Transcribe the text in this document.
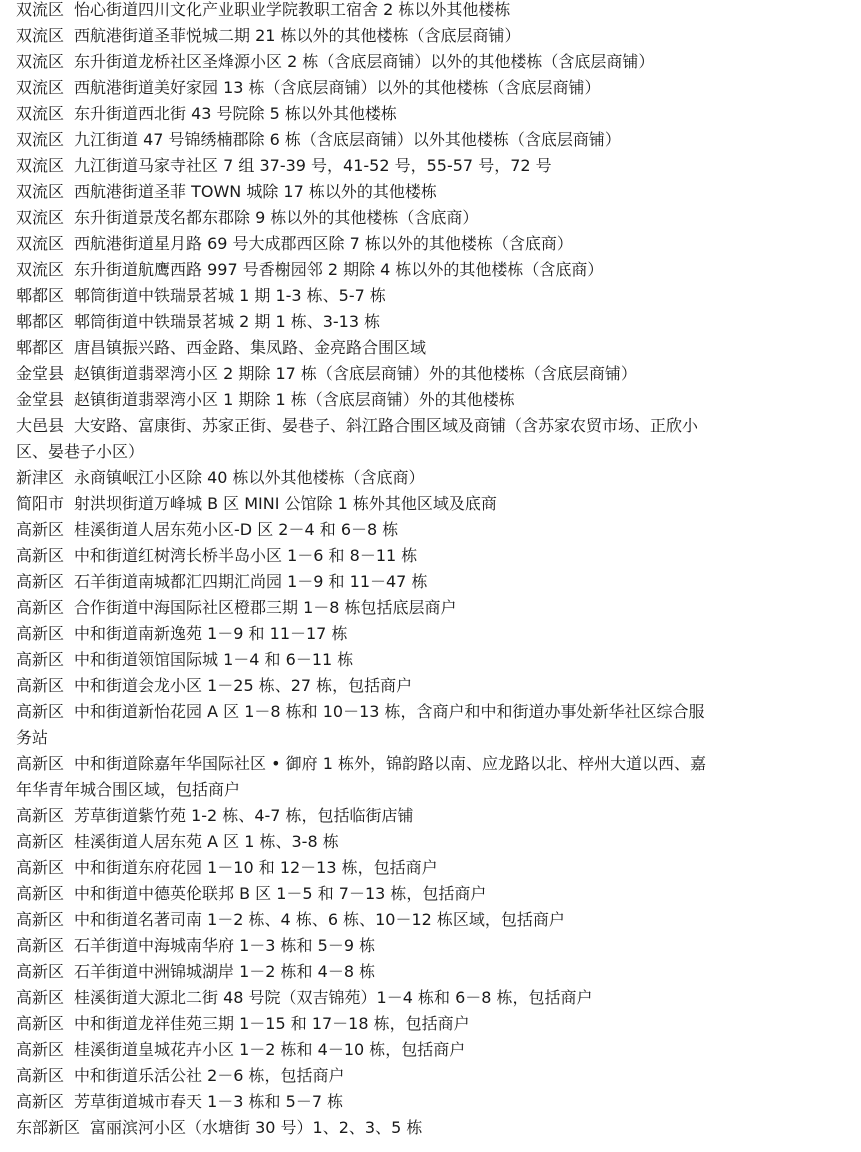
双流区 怡心街道四川文化产业职业学院教职工宿舍 2 栋以外其他楼栋
双流区 西航港街道圣菲悦城二期 21 栋以外的其他楼栋（含底层商铺）
双流区 东升街道龙桥社区圣烽源小区 2 栋（含底层商铺）以外的其他楼栋（含底层商铺）
双流区 西航港街道美好家园 13 栋（含底层商铺）以外的其他楼栋（含底层商铺）
双流区 东升街道西北街 43 号院除 5 栋以外其他楼栋
双流区 九江街道 47 号锦绣楠郡除 6 栋（含底层商铺）以外其他楼栋（含底层商铺）
双流区 九江街道马家寺社区 7 组 37-39 号，41-52 号，55-57 号，72 号
双流区 西航港街道圣菲 TOWN 城除 17 栋以外的其他楼栋
双流区 东升街道景茂名都东郡除 9 栋以外的其他楼栋（含底商）
双流区 西航港街道星月路 69 号大成郡西区除 7 栋以外的其他楼栋（含底商）
双流区 东升街道航鹰西路 997 号香榭园邻 2 期除 4 栋以外的其他楼栋（含底商）
郫都区 郫筒街道中铁瑞景茗城 1 期 1-3 栋、5-7 栋
郫都区 郫筒街道中铁瑞景茗城 2 期 1 栋、3-13 栋
郫都区 唐昌镇振兴路、西金路、集凤路、金亮路合围区域
金堂县 赵镇街道翡翠湾小区 2 期除 17 栋（含底层商铺）外的其他楼栋（含底层商铺）
金堂县 赵镇街道翡翠湾小区 1 期除 1 栋（含底层商铺）外的其他楼栋
大邑县 大安路、富康街、苏家正街、晏巷子、斜江路合围区域及商铺（含苏家农贸市场、正欣小区、晏巷子小区）
新津区 永商镇岷江小区除 40 栋以外其他楼栋（含底商）
简阳市 射洪坝街道万峰城 B 区 MINI 公馆除 1 栋外其他区域及底商
高新区 桂溪街道人居东苑小区-D 区 2－4 和 6－8 栋
高新区 中和街道红树湾长桥半岛小区 1－6 和 8－11 栋
高新区 石羊街道南城都汇四期汇尚园 1－9 和 11－47 栋
高新区 合作街道中海国际社区橙郡三期 1－8 栋包括底层商户
高新区 中和街道南新逸苑 1－9 和 11－17 栋
高新区 中和街道领馆国际城 1－4 和 6－11 栋
高新区 中和街道会龙小区 1－25 栋、27 栋，包括商户
高新区 中和街道新怡花园 A 区 1－8 栋和 10－13 栋，含商户和中和街道办事处新华社区综合服务站
高新区 中和街道除嘉年华国际社区 • 御府 1 栋外，锦韵路以南、应龙路以北、梓州大道以西、嘉年华青年城合围区域，包括商户
高新区 芳草街道紫竹苑 1-2 栋、4-7 栋，包括临街店铺
高新区 桂溪街道人居东苑 A 区 1 栋、3-8 栋
高新区 中和街道东府花园 1－10 和 12－13 栋，包括商户
高新区 中和街道中德英伦联邦 B 区 1－5 和 7－13 栋，包括商户
高新区 中和街道名著司南 1－2 栋、4 栋、6 栋、10－12 栋区域，包括商户
高新区 石羊街道中海城南华府 1－3 栋和 5－9 栋
高新区 石羊街道中洲锦城湖岸 1－2 栋和 4－8 栋
高新区 桂溪街道大源北二街 48 号院（双吉锦苑）1－4 栋和 6－8 栋，包括商户
高新区 中和街道龙祥佳苑三期 1－15 和 17－18 栋，包括商户
高新区 桂溪街道皇城花卉小区 1－2 栋和 4－10 栋，包括商户
高新区 中和街道乐活公社 2－6 栋，包括商户
高新区 芳草街道城市春天 1－3 栋和 5－7 栋
东部新区 富丽滨河小区（水塘街 30 号）1、2、3、5 栋
